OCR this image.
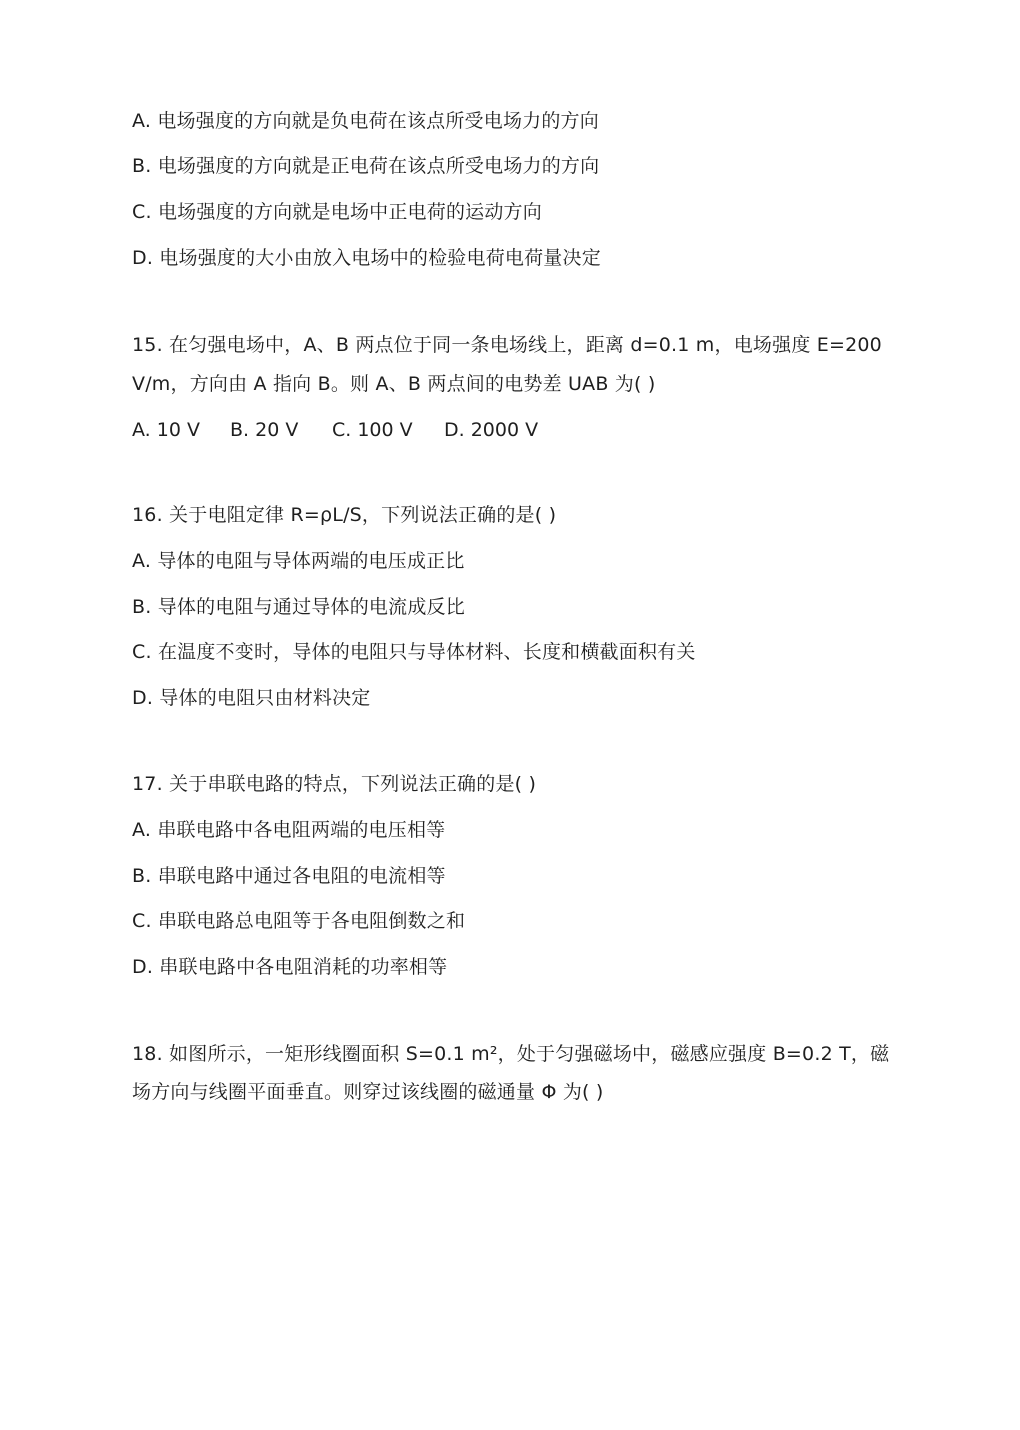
A. 电场强度的方向就是负电荷在该点所受电场力的方向
B. 电场强度的方向就是正电荷在该点所受电场力的方向
C. 电场强度的方向就是电场中正电荷的运动方向
D. 电场强度的大小由放入电场中的检验电荷电荷量决定
15. 在匀强电场中，A、B 两点位于同一条电场线上，距离 d=0.1 m，电场强度 E=200
V/m，方向由 A 指向 B。则 A、B 两点间的电势差 UAB 为( )
A. 10 V B. 20 V C. 100 V D. 2000 V
16. 关于电阻定律 R=ρL/S，下列说法正确的是( )
A. 导体的电阻与导体两端的电压成正比
B. 导体的电阻与通过导体的电流成反比
C. 在温度不变时，导体的电阻只与导体材料、长度和横截面积有关
D. 导体的电阻只由材料决定
17. 关于串联电路的特点，下列说法正确的是( )
A. 串联电路中各电阻两端的电压相等
B. 串联电路中通过各电阻的电流相等
C. 串联电路总电阻等于各电阻倒数之和
D. 串联电路中各电阻消耗的功率相等
18. 如图所示，一矩形线圈面积 S=0.1 m²，处于匀强磁场中，磁感应强度 B=0.2 T，磁
场方向与线圈平面垂直。则穿过该线圈的磁通量 Φ 为( )
